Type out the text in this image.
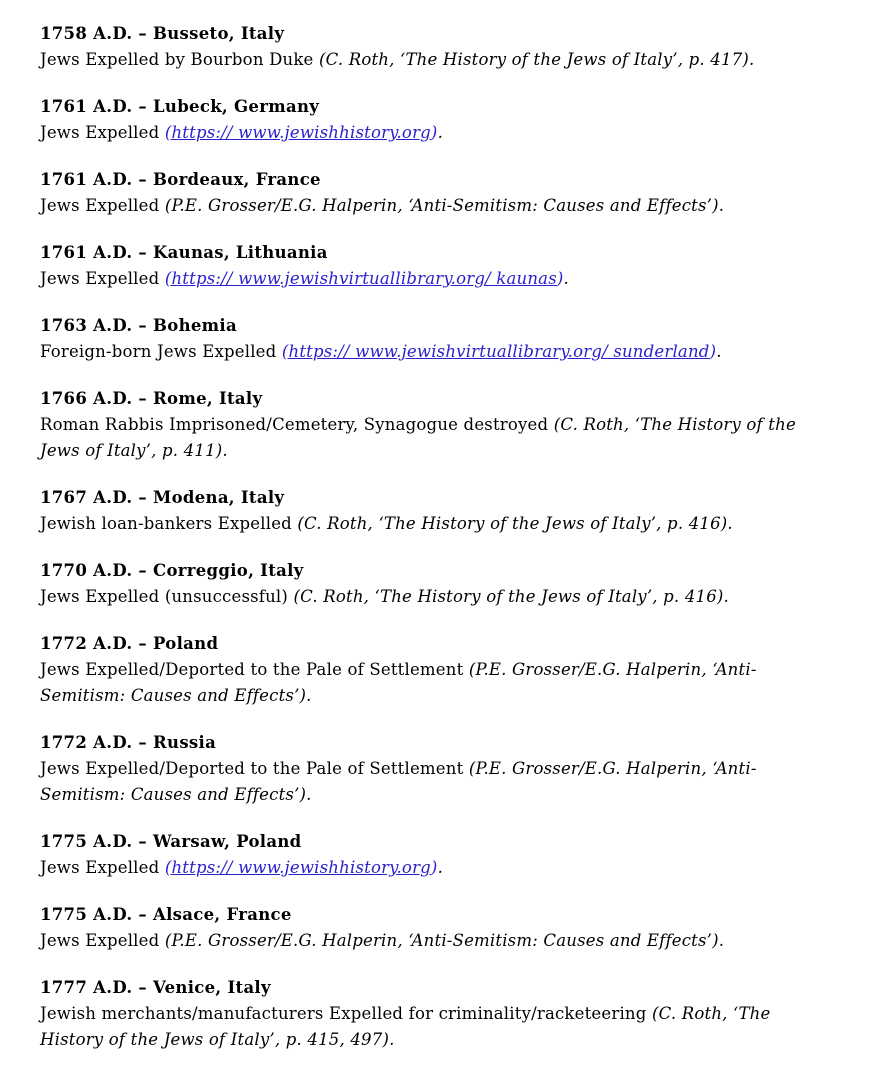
1758 A.D. – Busseto, Italy

Jews Expelled by Bourbon Duke (C. Roth, ‘The History of the Jews of Italy’, p. 417).

1761 A.D. – Lubeck, Germany

Jews Expelled (https:// www.jewishhistory.org).

1761 A.D. – Bordeaux, France

Jews Expelled (P.E. Grosser/E.G. Halperin, ‘Anti-Semitism: Causes and Effects’).

1761 A.D. – Kaunas, Lithuania

Jews Expelled (https:// www.jewishvirtuallibrary.org/ kaunas).

1763 A.D. – Bohemia

Foreign-born Jews Expelled (https:// www.jewishvirtuallibrary.org/ sunderland).

1766 A.D. – Rome, Italy

Roman Rabbis Imprisoned/Cemetery, Synagogue destroyed (C. Roth, ‘The History of the Jews of Italy’, p. 411).

1767 A.D. – Modena, Italy

Jewish loan-bankers Expelled (C. Roth, ‘The History of the Jews of Italy’, p. 416).

1770 A.D. – Correggio, Italy

Jews Expelled (unsuccessful) (C. Roth, ‘The History of the Jews of Italy’, p. 416).

1772 A.D. – Poland

Jews Expelled/Deported to the Pale of Settlement (P.E. Grosser/E.G. Halperin, ‘Anti-Semitism: Causes and Effects’).

1772 A.D. – Russia

Jews Expelled/Deported to the Pale of Settlement (P.E. Grosser/E.G. Halperin, ‘Anti-Semitism: Causes and Effects’).

1775 A.D. – Warsaw, Poland

Jews Expelled (https:// www.jewishhistory.org).

1775 A.D. – Alsace, France

Jews Expelled (P.E. Grosser/E.G. Halperin, ‘Anti-Semitism: Causes and Effects’).

1777 A.D. – Venice, Italy

Jewish merchants/manufacturers Expelled for criminality/racketeering (C. Roth, ‘The History of the Jews of Italy’, p. 415, 497).
